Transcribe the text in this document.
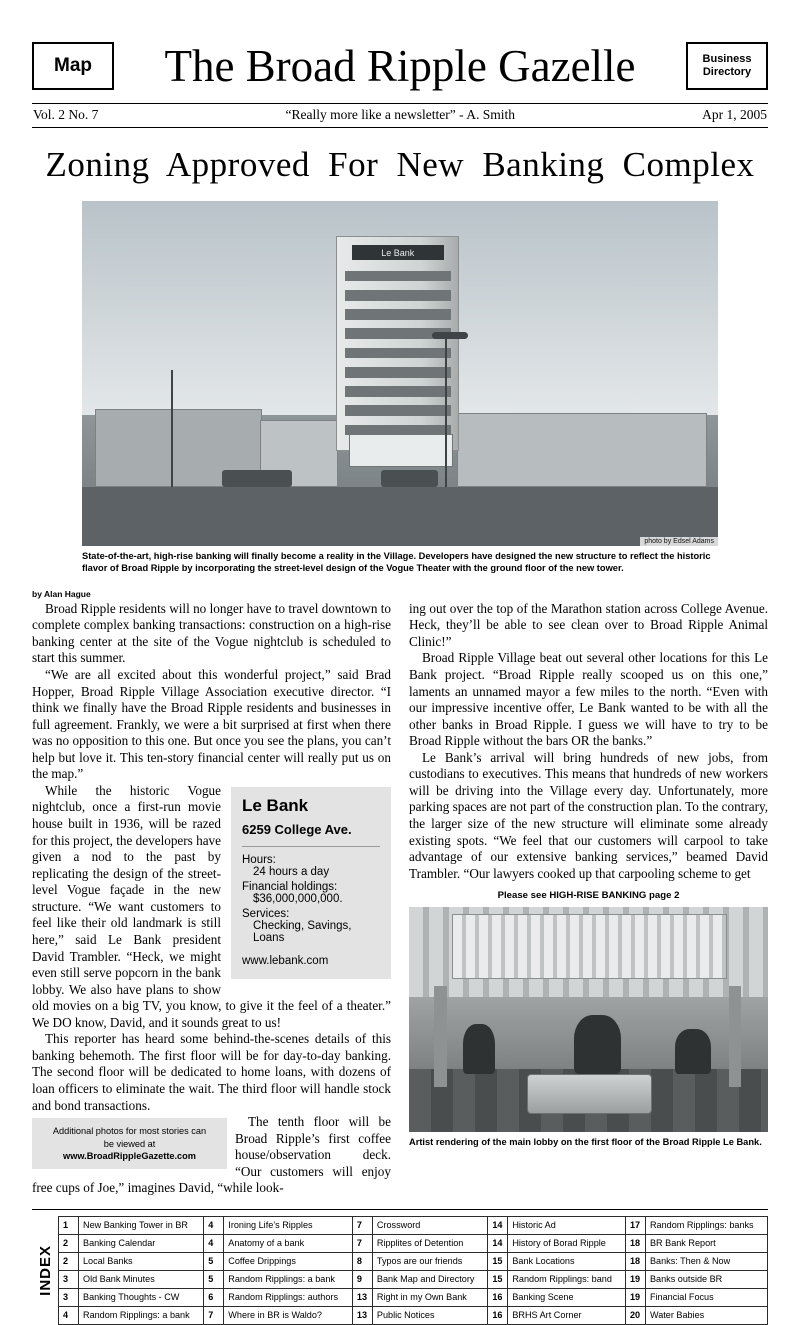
Map	The Broad Ripple Gazelle	Business
Directory
Vol. 2 No. 7	“Really more like a newsletter” - A. Smith	Apr 1, 2005
Zoning Approved For New Banking Complex
Le Bank
photo by Edsel Adams
State-of-the-art, high-rise banking will finally become a reality in the Village. Developers have designed the new structure to reflect the historic flavor of Broad Ripple by incorporating the street-level design of the Vogue Theater with the ground floor of the new tower.
by Alan Hague

Broad Ripple residents will no longer have to travel downtown to complete complex banking transactions: construction on a high-rise banking center at the site of the Vogue nightclub is scheduled to start this summer.

“We are all excited about this wonderful project,” said Brad Hopper, Broad Ripple Village Association executive director. “I think we finally have the Broad Ripple residents and businesses in full agreement. Frankly, we were a bit surprised at first when there was no opposition to this one. But once you see the plans, you can’t help but love it. This ten-story financial center will really put us on the map.”

Le Bank
6259 College Ave.
Hours:
24 hours a day
Financial holdings:
$36,000,000,000.
Services:
Checking, Savings, Loans
www.lebank.com

While the historic Vogue nightclub, once a first-run movie house built in 1936, will be razed for this project, the developers have given a nod to the past by replicating the design of the street-level Vogue façade in the new structure. “We want customers to feel like their old landmark is still here,” said Le Bank president David Trambler. “Heck, we might even still serve popcorn in the bank lobby. We also have plans to show old movies on a big TV, you know, to give it the feel of a theater.” We DO know, David, and it sounds great to us!

This reporter has heard some behind-the-scenes details of this banking behemoth. The first floor will be for day-to-day banking. The second floor will be dedicated to home loans, with dozens of loan officers to eliminate the wait. The third floor will handle stock and bond transactions.

Additional photos for most stories can
be viewed at
www.BroadRippleGazette.com

The tenth floor will be Broad Ripple’s first coffee house/observation deck. “Our customers will enjoy free cups of Joe,” imagines David, “while look-

ing out over the top of the Marathon station across College Avenue. Heck, they’ll be able to see clean over to Broad Ripple Animal Clinic!”

Broad Ripple Village beat out several other locations for this Le Bank project. “Broad Ripple really scooped us on this one,” laments an unnamed mayor a few miles to the north. “Even with our impressive incentive offer, Le Bank wanted to be with all the other banks in Broad Ripple. I guess we will have to try to be Broad Ripple without the bars OR the banks.”

Le Bank’s arrival will bring hundreds of new jobs, from custodians to executives. This means that hundreds of new workers will be driving into the Village every day. Unfortunately, more parking spaces are not part of the construction plan. To the contrary, the larger size of the new structure will eliminate some already existing spots. “We feel that our customers will carpool to take advantage of our extensive banking services,” beamed David Trambler. “Our lawyers cooked up that carpooling scheme to get

Please see HIGH-RISE BANKING page 2
Artist rendering of the main lobby on the first floor of the Broad Ripple Le Bank.
INDEX
1	New Banking Tower in BR	4	Ironing Life’s Ripples	7	Crossword	14	Historic Ad	17	Random Ripplings: banks
2	Banking Calendar	4	Anatomy of a bank	7	Ripplites of Detention	14	History of Borad Ripple	18	BR Bank Report
2	Local Banks	5	Coffee Drippings	8	Typos are our friends	15	Bank Locations	18	Banks: Then & Now
3	Old Bank Minutes	5	Random Ripplings: a bank	9	Bank Map and Directory	15	Random Ripplings: band	19	Banks outside BR
3	Banking Thoughts - CW	6	Random Ripplings: authors	13	Right in my Own Bank	16	Banking Scene	19	Financial Focus
4	Random Ripplings: a bank	7	Where in BR is Waldo?	13	Public Notices	16	BRHS Art Corner	20	Water Babies
